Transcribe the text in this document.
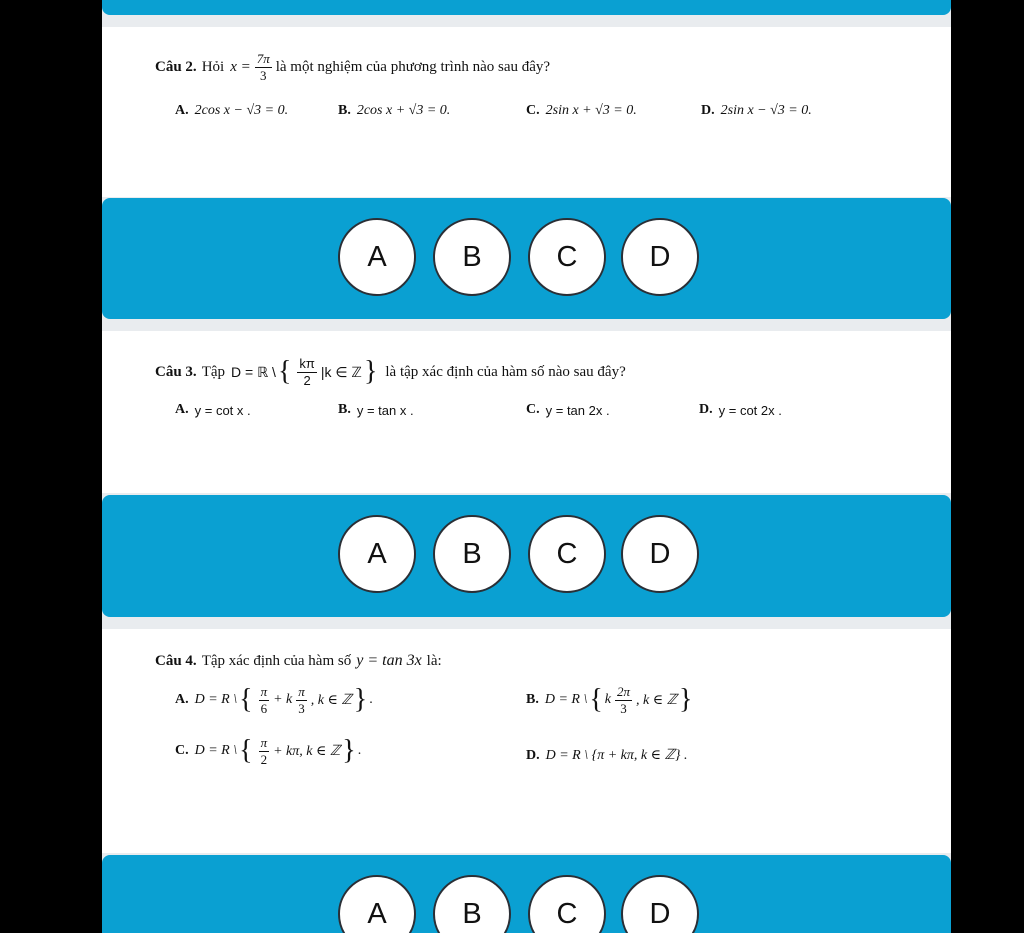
Câu 2. Hỏi $x = \frac{7\pi}{3}$ là một nghiệm của phương trình nào sau đây?
A. 2cos x − √3 = 0.	B. 2cos x + √3 = 0.	C. 2sin x + √3 = 0.	D. 2sin x − √3 = 0.
A	B	C	D
Câu 3. Tập D = ℝ \ { $\frac{k\pi}{2} |k$ ∈ ℤ } là tập xác định của hàm số nào sau đây?
A. y = cot x .	B. y = tan x .	C. y = tan 2x .	D. y = cot 2x .
A	B	C	D
Câu 4. Tập xác định của hàm số y = tan 3x là:
A. D = R \ { $\frac{\pi}{6} + k \frac{\pi}{3}$ , k ∈ ℤ } .	B. D = R \ { k $\frac{2\pi}{3}$ , k ∈ ℤ }
C. D = R \ { $\frac{\pi}{2} + k\pi$, k ∈ ℤ } .	D. D = R \ {π + kπ, k ∈ ℤ} .
A	B	C	D
